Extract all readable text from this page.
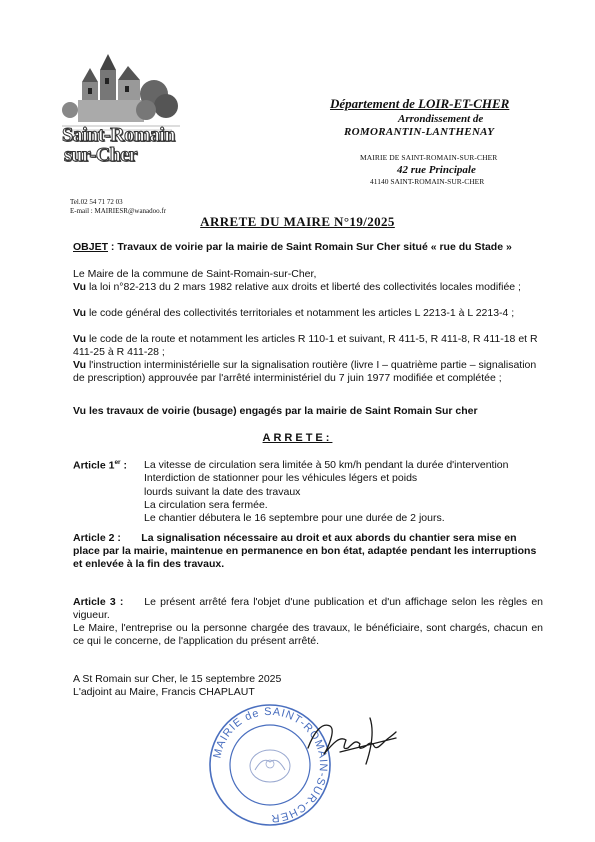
Saint-Romain
sur-Cher
Département de LOIR-ET-CHER
Arrondissement de
ROMORANTIN-LANTHENAY
MAIRIE DE SAINT-ROMAIN-SUR-CHER
42 rue Principale
41140 SAINT-ROMAIN-SUR-CHER
Tel.02 54 71 72 03
E-mail : MAIRIESR@wanadoo.fr
ARRETE DU MAIRE N°19/2025
OBJET : Travaux de voirie par la mairie de Saint Romain Sur Cher situé « rue du Stade »
Le Maire de la commune de Saint-Romain-sur-Cher,
Vu la loi n°82-213 du 2 mars 1982 relative aux droits et liberté des collectivités locales modifiée ;
Vu le code général des collectivités territoriales et notamment les articles L 2213-1 à L 2213-4 ;
Vu le code de la route et notamment les articles R 110-1 et suivant, R 411-5, R 411-8, R 411-18 et R 411-25 à R 411-28 ;
Vu l'instruction interministérielle sur la signalisation routière (livre I – quatrième partie – signalisation de prescription) approuvée par l'arrêté interministériel du 7 juin 1977 modifiée et complétée ;
Vu les travaux de voirie (busage) engagés par la mairie de Saint Romain Sur cher
ARRETE:
Article 1er : La vitesse de circulation sera limitée à 50 km/h pendant la durée d'intervention
Interdiction de stationner pour les véhicules légers et poids
lourds suivant la date des travaux
La circulation sera fermée.
Le chantier débutera le 16 septembre pour une durée de 2 jours.
Article 2 : La signalisation nécessaire au droit et aux abords du chantier sera mise en place par la mairie, maintenue en permanence en bon état, adaptée pendant les interruptions et enlevée à la fin des travaux.
Article 3 : Le présent arrêté fera l'objet d'une publication et d'un affichage selon les règles en vigueur.
Le Maire, l'entreprise ou la personne chargée des travaux, le bénéficiaire, sont chargés, chacun en ce qui le concerne, de l'application du présent arrêté.
A St Romain sur Cher, le 15 septembre 2025
L'adjoint au Maire, Francis CHAPLAUT
MAIRIE de SAINT-ROMAIN-SUR-CHER
